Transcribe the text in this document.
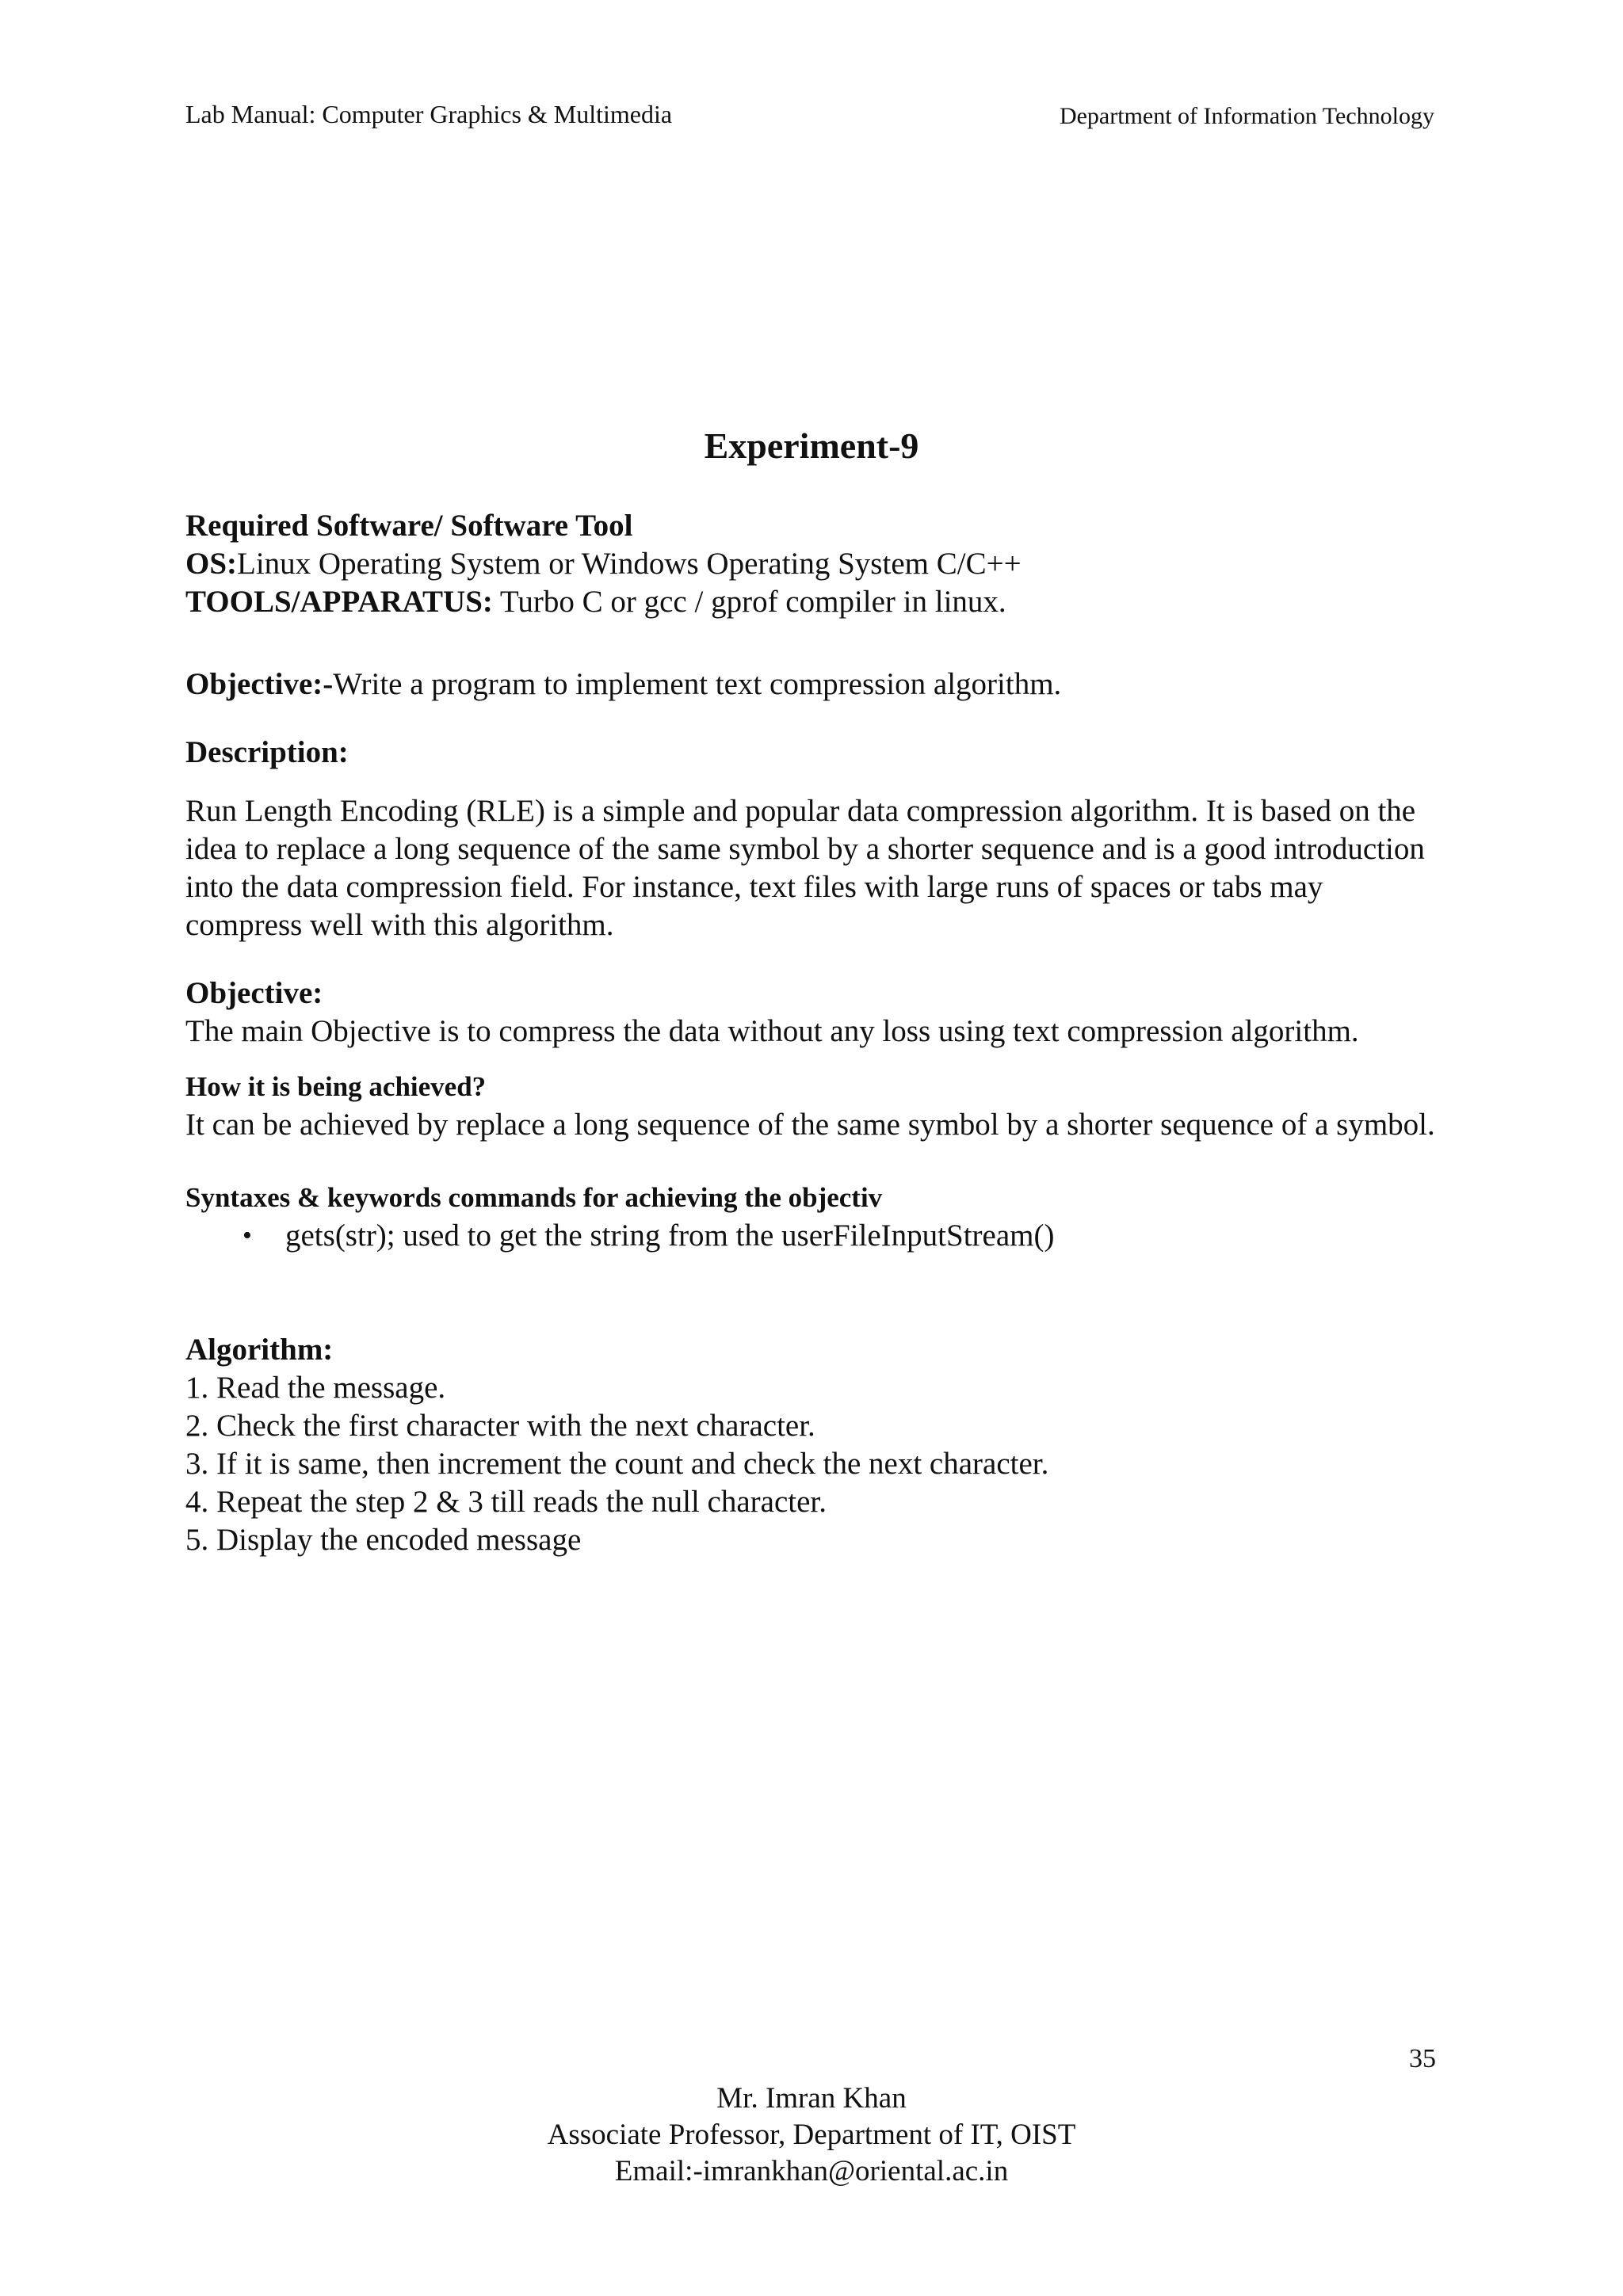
Lab Manual: Computer Graphics & Multimedia	Department of Information Technology
Experiment-9
Required Software/ Software Tool
OS:Linux Operating System or Windows Operating System C/C++
TOOLS/APPARATUS: Turbo C or gcc / gprof compiler in linux.
Objective:-Write a program to implement text compression algorithm.
Description:
Run Length Encoding (RLE) is a simple and popular data compression algorithm. It is based on the idea to replace a long sequence of the same symbol by a shorter sequence and is a good introduction into the data compression field. For instance, text files with large runs of spaces or tabs may compress well with this algorithm.
Objective:
The main Objective is to compress the data without any loss using text compression algorithm.
How it is being achieved?
It can be achieved by replace a long sequence of the same symbol by a shorter sequence of a symbol.
Syntaxes & keywords commands for achieving the objectiv
• gets(str); used to get the string from the userFileInputStream()
Algorithm:
1. Read the message.
2. Check the first character with the next character.
3. If it is same, then increment the count and check the next character.
4. Repeat the step 2 & 3 till reads the null character.
5. Display the encoded message
35
Mr. Imran Khan
Associate Professor, Department of IT, OIST
Email:-imrankhan@oriental.ac.in
